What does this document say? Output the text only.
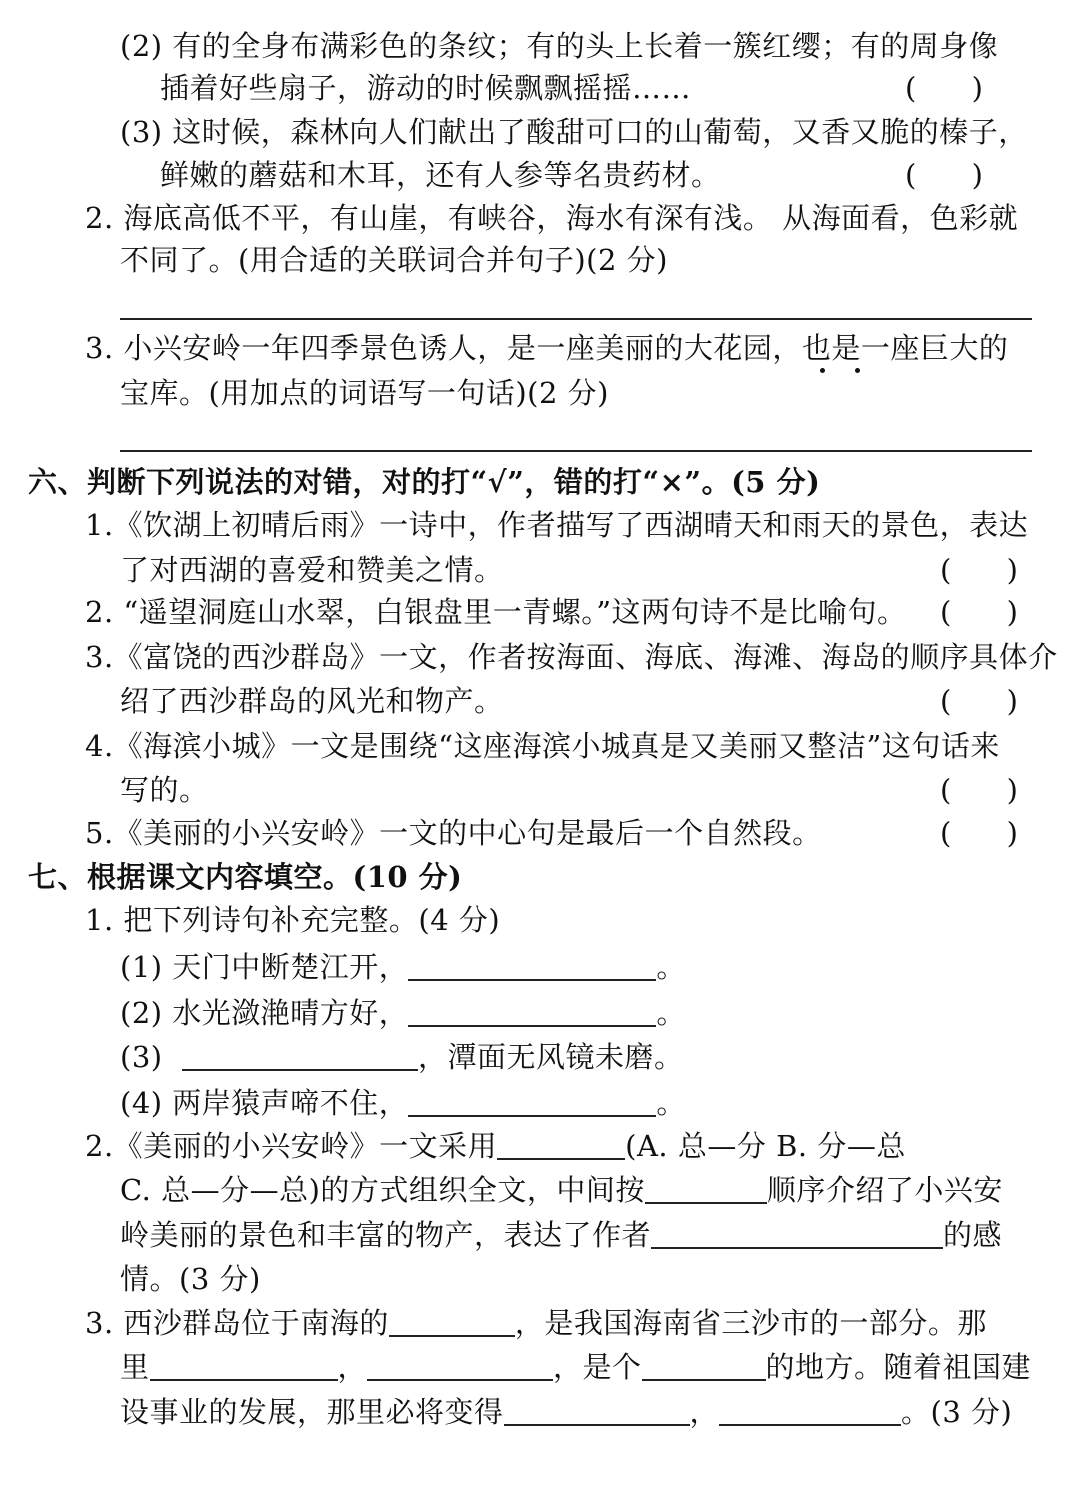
(2) 有的全身布满彩色的条纹；有的头上长着一簇红缨；有的周身像
插着好些扇子，游动的时候飘飘摇摇……	(      )
(3) 这时候，森林向人们献出了酸甜可口的山葡萄，又香又脆的榛子，
鲜嫩的蘑菇和木耳，还有人参等名贵药材。	(      )
2. 海底高低不平，有山崖，有峡谷，海水有深有浅。 从海面看，色彩就
不同了。(用合适的关联词合并句子)(2 分)
3. 小兴安岭一年四季景色诱人，是一座美丽的大花园，也是一座巨大的
宝库。(用加点的词语写一句话)(2 分)
六、判断下列说法的对错，对的打“√”，错的打“×”。(5 分)
1.《饮湖上初晴后雨》一诗中，作者描写了西湖晴天和雨天的景色，表达
了对西湖的喜爱和赞美之情。	(      )
2. “遥望洞庭山水翠，白银盘里一青螺。”这两句诗不是比喻句。 (      )
3.《富饶的西沙群岛》一文，作者按海面、海底、海滩、海岛的顺序具体介
绍了西沙群岛的风光和物产。	(      )
4.《海滨小城》一文是围绕“这座海滨小城真是又美丽又整洁”这句话来
写的。	(      )
5.《美丽的小兴安岭》一文的中心句是最后一个自然段。	(      )
七、根据课文内容填空。(10 分)
1. 把下列诗句补充完整。(4 分)
(1) 天门中断楚江开，	。
(2) 水光潋滟晴方好，	。
(3)	，潭面无风镜未磨。
(4) 两岸猿声啼不住，	。
2.《美丽的小兴安岭》一文采用	(A. 总—分 B. 分—总
C. 总—分—总)的方式组织全文，中间按	顺序介绍了小兴安
岭美丽的景色和丰富的物产，表达了作者	的感
情。(3 分)
3. 西沙群岛位于南海的	，是我国海南省三沙市的一部分。那
里	，	，是个	的地方。随着祖国建
设事业的发展，那里必将变得	，	。(3 分)
